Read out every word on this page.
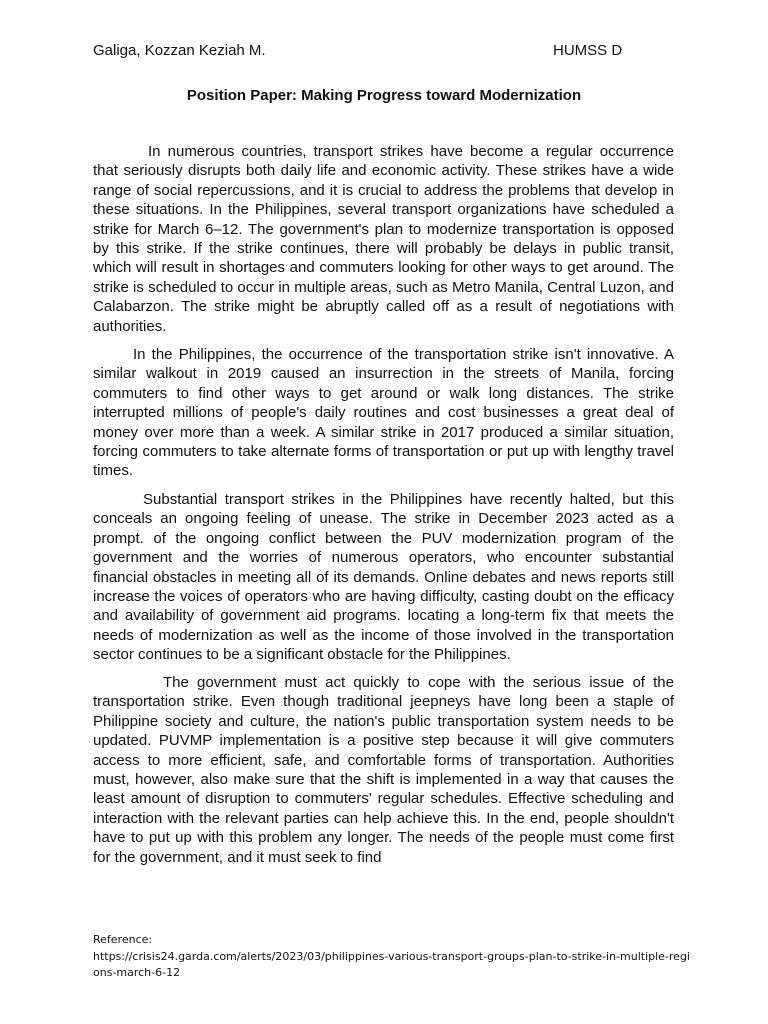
Galiga, Kozzan Keziah M.	HUMSS D
Position Paper: Making Progress toward Modernization

In numerous countries, transport strikes have become a regular occurrence that seriously disrupts both daily life and economic activity. These strikes have a wide range of social repercussions, and it is crucial to address the problems that develop in these situations. In the Philippines, several transport organizations have scheduled a strike for March 6–12. The government's plan to modernize transportation is opposed by this strike. If the strike continues, there will probably be delays in public transit, which will result in shortages and commuters looking for other ways to get around. The strike is scheduled to occur in multiple areas, such as Metro Manila, Central Luzon, and Calabarzon. The strike might be abruptly called off as a result of negotiations with authorities.

In the Philippines, the occurrence of the transportation strike isn't innovative. A similar walkout in 2019 caused an insurrection in the streets of Manila, forcing commuters to find other ways to get around or walk long distances. The strike interrupted millions of people's daily routines and cost businesses a great deal of money over more than a week. A similar strike in 2017 produced a similar situation, forcing commuters to take alternate forms of transportation or put up with lengthy travel times.

Substantial transport strikes in the Philippines have recently halted, but this conceals an ongoing feeling of unease. The strike in December 2023 acted as a prompt. of the ongoing conflict between the PUV modernization program of the government and the worries of numerous operators, who encounter substantial financial obstacles in meeting all of its demands. Online debates and news reports still increase the voices of operators who are having difficulty, casting doubt on the efficacy and availability of government aid programs. locating a long-term fix that meets the needs of modernization as well as the income of those involved in the transportation sector continues to be a significant obstacle for the Philippines.

The government must act quickly to cope with the serious issue of the transportation strike. Even though traditional jeepneys have long been a staple of Philippine society and culture, the nation's public transportation system needs to be updated. PUVMP implementation is a positive step because it will give commuters access to more efficient, safe, and comfortable forms of transportation. Authorities must, however, also make sure that the shift is implemented in a way that causes the least amount of disruption to commuters' regular schedules. Effective scheduling and interaction with the relevant parties can help achieve this. In the end, people shouldn't have to put up with this problem any longer. The needs of the people must come first for the government, and it must seek to find

Reference:
https://crisis24.garda.com/alerts/2023/03/philippines-various-transport-groups-plan-to-strike-in-multiple-regions-march-6-12
